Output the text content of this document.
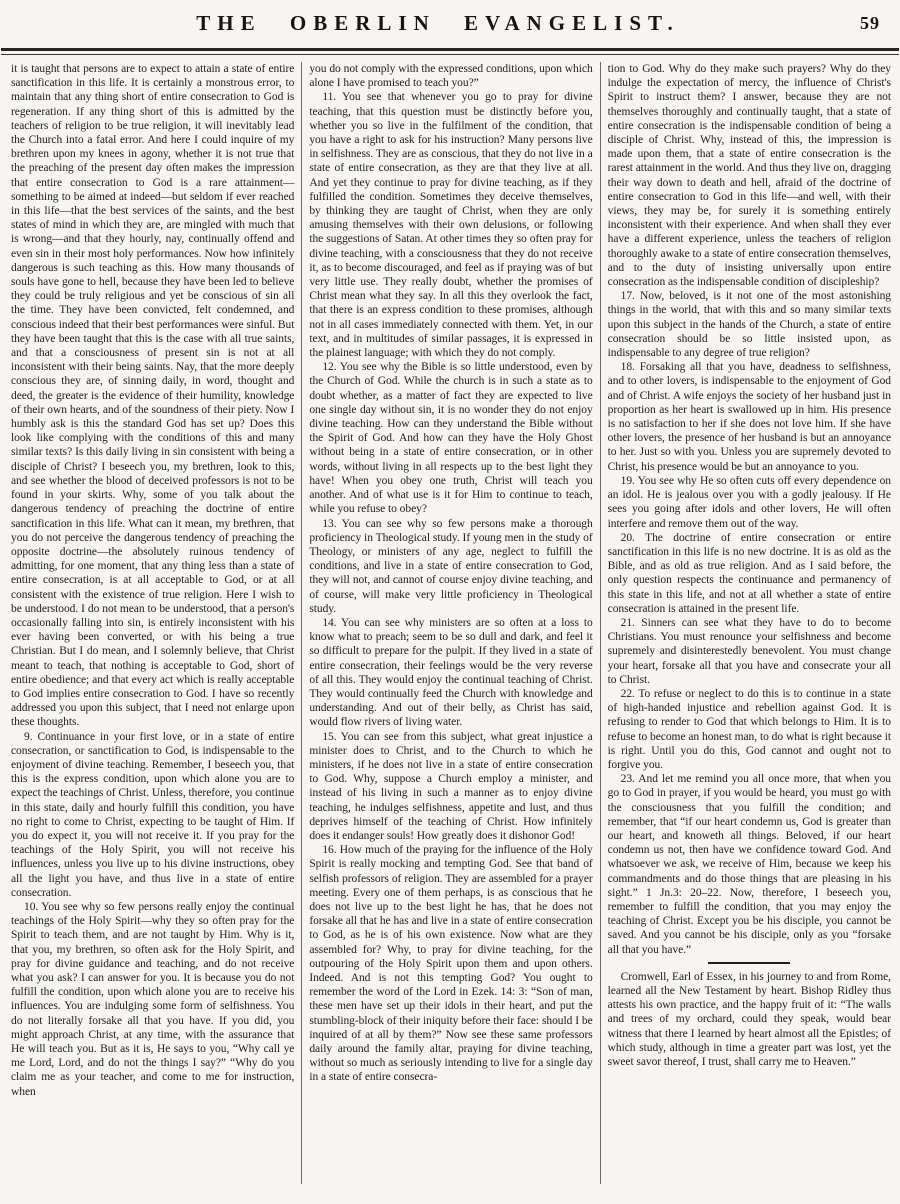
THE OBERLIN EVANGELIST.	59

it is taught that persons are to expect to attain a state of entire sanctification in this life. It is certainly a monstrous error, to maintain that any thing short of entire consecration to God is regeneration. If any thing short of this is admitted by the teachers of religion to be true religion, it will inevitably lead the Church into a fatal error. And here I could inquire of my brethren upon my knees in agony, whether it is not true that the preaching of the present day often makes the impression that entire consecration to God is a rare attainment—something to be aimed at indeed—but seldom if ever reached in this life—that the best services of the saints, and the best states of mind in which they are, are mingled with much that is wrong—and that they hourly, nay, continually offend and even sin in their most holy performances. Now how infinitely dangerous is such teaching as this. How many thousands of souls have gone to hell, because they have been led to believe they could be truly religious and yet be conscious of sin all the time. They have been convicted, felt condemned, and conscious indeed that their best performances were sinful. But they have been taught that this is the case with all true saints, and that a consciousness of present sin is not at all inconsistent with their being saints. Nay, that the more deeply conscious they are, of sinning daily, in word, thought and deed, the greater is the evidence of their humility, knowledge of their own hearts, and of the soundness of their piety. Now I humbly ask is this the standard God has set up? Does this look like complying with the conditions of this and many similar texts? Is this daily living in sin consistent with being a disciple of Christ? I beseech you, my brethren, look to this, and see whether the blood of deceived professors is not to be found in your skirts. Why, some of you talk about the dangerous tendency of preaching the doctrine of entire sanctification in this life. What can it mean, my brethren, that you do not perceive the dangerous tendency of preaching the opposite doctrine—the absolutely ruinous tendency of admitting, for one moment, that any thing less than a state of entire consecration, is at all acceptable to God, or at all consistent with the existence of true religion. Here I wish to be understood. I do not mean to be understood, that a person's occasionally falling into sin, is entirely inconsistent with his ever having been converted, or with his being a true Christian. But I do mean, and I solemnly believe, that Christ meant to teach, that nothing is acceptable to God, short of entire obedience; and that every act which is really acceptable to God implies entire consecration to God. I have so recently addressed you upon this subject, that I need not enlarge upon these thoughts.

9. Continuance in your first love, or in a state of entire consecration, or sanctification to God, is indispensable to the enjoyment of divine teaching. Remember, I beseech you, that this is the express condition, upon which alone you are to expect the teachings of Christ. Unless, therefore, you continue in this state, daily and hourly fulfill this condition, you have no right to come to Christ, expecting to be taught of Him. If you do expect it, you will not receive it. If you pray for the teachings of the Holy Spirit, you will not receive his influences, unless you live up to his divine instructions, obey all the light you have, and thus live in a state of entire consecration.

10. You see why so few persons really enjoy the continual teachings of the Holy Spirit—why they so often pray for the Spirit to teach them, and are not taught by Him. Why is it, that you, my brethren, so often ask for the Holy Spirit, and pray for divine guidance and teaching, and do not receive what you ask? I can answer for you. It is because you do not fulfill the condition, upon which alone you are to receive his influences. You are indulging some form of selfishness. You do not literally forsake all that you have. If you did, you might approach Christ, at any time, with the assurance that He will teach you. But as it is, He says to you, “Why call ye me Lord, Lord, and do not the things I say?” “Why do you claim me as your teacher, and come to me for instruction, when

you do not comply with the expressed conditions, upon which alone I have promised to teach you?”

11. You see that whenever you go to pray for divine teaching, that this question must be distinctly before you, whether you so live in the fulfilment of the condition, that you have a right to ask for his instruction? Many persons live in selfishness. They are as conscious, that they do not live in a state of entire consecration, as they are that they live at all. And yet they continue to pray for divine teaching, as if they fulfilled the condition. Sometimes they deceive themselves, by thinking they are taught of Christ, when they are only amusing themselves with their own delusions, or following the suggestions of Satan. At other times they so often pray for divine teaching, with a consciousness that they do not receive it, as to become discouraged, and feel as if praying was of but very little use. They really doubt, whether the promises of Christ mean what they say. In all this they overlook the fact, that there is an express condition to these promises, although not in all cases immediately connected with them. Yet, in our text, and in multitudes of similar passages, it is expressed in the plainest language; with which they do not comply.

12. You see why the Bible is so little understood, even by the Church of God. While the church is in such a state as to doubt whether, as a matter of fact they are expected to live one single day without sin, it is no wonder they do not enjoy divine teaching. How can they understand the Bible without the Spirit of God. And how can they have the Holy Ghost without being in a state of entire consecration, or in other words, without living in all respects up to the best light they have! When you obey one truth, Christ will teach you another. And of what use is it for Him to continue to teach, while you refuse to obey?

13. You can see why so few persons make a thorough proficiency in Theological study. If young men in the study of Theology, or ministers of any age, neglect to fulfill the conditions, and live in a state of entire consecration to God, they will not, and cannot of course enjoy divine teaching, and of course, will make very little proficiency in Theological study.

14. You can see why ministers are so often at a loss to know what to preach; seem to be so dull and dark, and feel it so difficult to prepare for the pulpit. If they lived in a state of entire consecration, their feelings would be the very reverse of all this. They would enjoy the continual teaching of Christ. They would continually feed the Church with knowledge and understanding. And out of their belly, as Christ has said, would flow rivers of living water.

15. You can see from this subject, what great injustice a minister does to Christ, and to the Church to which he ministers, if he does not live in a state of entire consecration to God. Why, suppose a Church employ a minister, and instead of his living in such a manner as to enjoy divine teaching, he indulges selfishness, appetite and lust, and thus deprives himself of the teaching of Christ. How infinitely does it endanger souls! How greatly does it dishonor God!

16. How much of the praying for the influence of the Holy Spirit is really mocking and tempting God. See that band of selfish professors of religion. They are assembled for a prayer meeting. Every one of them perhaps, is as conscious that he does not live up to the best light he has, that he does not forsake all that he has and live in a state of entire consecration to God, as he is of his own existence. Now what are they assembled for? Why, to pray for divine teaching, for the outpouring of the Holy Spirit upon them and upon others. Indeed. And is not this tempting God? You ought to remember the word of the Lord in Ezek. 14: 3: “Son of man, these men have set up their idols in their heart, and put the stumbling-block of their iniquity before their face: should I be inquired of at all by them?” Now see these same professors daily around the family altar, praying for divine teaching, without so much as seriously intending to live for a single day in a state of entire consecra-

tion to God. Why do they make such prayers? Why do they indulge the expectation of mercy, the influence of Christ's Spirit to instruct them? I answer, because they are not themselves thoroughly and continually taught, that a state of entire consecration is the indispensable condition of being a disciple of Christ. Why, instead of this, the impression is made upon them, that a state of entire consecration is the rarest attainment in the world. And thus they live on, dragging their way down to death and hell, afraid of the doctrine of entire consecration to God in this life—and well, with their views, they may be, for surely it is something entirely inconsistent with their experience. And when shall they ever have a different experience, unless the teachers of religion thoroughly awake to a state of entire consecration themselves, and to the duty of insisting universally upon entire consecration as the indispensable condition of discipleship?

17. Now, beloved, is it not one of the most astonishing things in the world, that with this and so many similar texts upon this subject in the hands of the Church, a state of entire consecration should be so little insisted upon, as indispensable to any degree of true religion?

18. Forsaking all that you have, deadness to selfishness, and to other lovers, is indispensable to the enjoyment of God and of Christ. A wife enjoys the society of her husband just in proportion as her heart is swallowed up in him. His presence is no satisfaction to her if she does not love him. If she have other lovers, the presence of her husband is but an annoyance to her. Just so with you. Unless you are supremely devoted to Christ, his presence would be but an annoyance to you.

19. You see why He so often cuts off every dependence on an idol. He is jealous over you with a godly jealousy. If He sees you going after idols and other lovers, He will often interfere and remove them out of the way.

20. The doctrine of entire consecration or entire sanctification in this life is no new doctrine. It is as old as the Bible, and as old as true religion. And as I said before, the only question respects the continuance and permanency of this state in this life, and not at all whether a state of entire consecration is attained in the present life.

21. Sinners can see what they have to do to become Christians. You must renounce your selfishness and become supremely and disinterestedly benevolent. You must change your heart, forsake all that you have and consecrate your all to Christ.

22. To refuse or neglect to do this is to continue in a state of high-handed injustice and rebellion against God. It is refusing to render to God that which belongs to Him. It is to refuse to become an honest man, to do what is right because it is right. Until you do this, God cannot and ought not to forgive you.

23. And let me remind you all once more, that when you go to God in prayer, if you would be heard, you must go with the consciousness that you fulfill the condition; and remember, that “if our heart condemn us, God is greater than our heart, and knoweth all things. Beloved, if our heart condemn us not, then have we confidence toward God. And whatsoever we ask, we receive of Him, because we keep his commandments and do those things that are pleasing in his sight.” 1 Jn.3: 20–22. Now, therefore, I beseech you, remember to fulfill the condition, that you may enjoy the teaching of Christ. Except you be his disciple, you cannot be saved. And you cannot be his disciple, only as you “forsake all that you have.”

Cromwell, Earl of Essex, in his journey to and from Rome, learned all the New Testament by heart. Bishop Ridley thus attests his own practice, and the happy fruit of it: “The walls and trees of my orchard, could they speak, would bear witness that there I learned by heart almost all the Epistles; of which study, although in time a greater part was lost, yet the sweet savor thereof, I trust, shall carry me to Heaven.”
